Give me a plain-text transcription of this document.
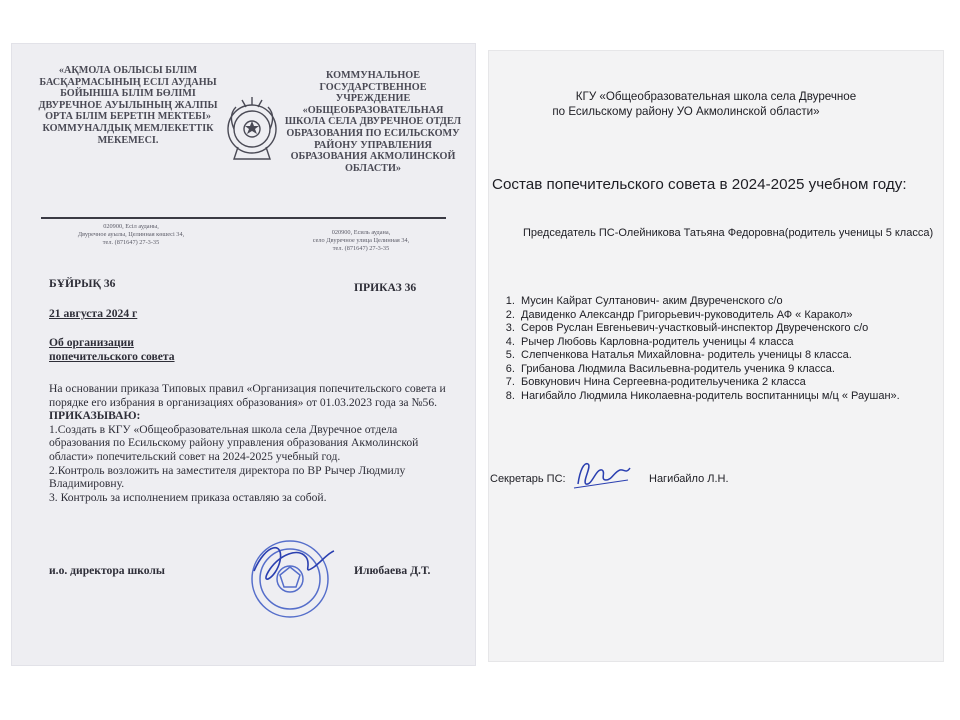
«АҚМОЛА ОБЛЫСЫ БІЛІМ БАСҚАРМАСЫНЫҢ ЕСІЛ АУДАНЫ БОЙЫНША БІЛІМ БӨЛІМІ ДВУРЕЧНОЕ АУЫЛЫНЫҢ ЖАЛПЫ ОРТА БІЛІМ БЕРЕТІН МЕКТЕБІ» КОММУНАЛДЫҚ МЕМЛЕКЕТТІК МЕКЕМЕСІ.
КОММУНАЛЬНОЕ ГОСУДАРСТВЕННОЕ УЧРЕЖДЕНИЕ «ОБЩЕОБРАЗОВАТЕЛЬНАЯ ШКОЛА СЕЛА ДВУРЕЧНОЕ ОТДЕЛ ОБРАЗОВАНИЯ ПО ЕСИЛЬСКОМУ РАЙОНУ УПРАВЛЕНИЯ ОБРАЗОВАНИЯ АКМОЛИНСКОЙ ОБЛАСТИ»
020900, Есіл ауданы,
Двуречное ауылы, Целинная көшесі 34,
тел. (871647) 27-3-35
020900, Есиль аудана,
село Двуречное улица Целинная 34,
тел. (871647) 27-3-35
БҰЙРЫҚ 36	ПРИКАЗ 36
21 августа 2024 г
Об организации
попечительского совета
На основании приказа Типовых правил «Организация попечительского совета и порядке его избрания в организациях образования» от 01.03.2023 года за №56. ПРИКАЗЫВАЮ:
1.Создать в КГУ «Общеобразовательная школа села Двуречное отдела образования по Есильскому району управления образования Акмолинской области» попечительский совет на 2024-2025 учебный год.
2.Контроль возложить на заместителя директора по ВР Рычер Людмилу Владимировну.
3. Контроль за исполнением приказа оставляю за собой.
и.о. директора школы	Илюбаева Д.Т.
КГУ «Общеобразовательная школа села Двуречное
по Есильскому району УО Акмолинской области»
Состав попечительского совета в 2024-2025 учебном году:
Председатель ПС-Олейникова Татьяна Федоровна(родитель ученицы 5 класса)
1. Мусин Кайрат Султанович- аким Двуреченского с/о
2. Давиденко Александр Григорьевич-руководитель АФ « Каракол»
3. Серов Руслан Евгеньевич-участковый-инспектор Двуреченского с/о
4. Рычер Любовь Карловна-родитель ученицы 4 класса
5. Слепченкова Наталья Михайловна- родитель ученицы 8 класса.
6. Грибанова Людмила Васильевна-родитель ученика 9 класса.
7. Бовкунович Нина Сергеевна-родительученика 2 класса
8. Нагибайло Людмила Николаевна-родитель воспитанницы м/ц « Раушан».
Секретарь ПС:	Нагибайло Л.Н.
